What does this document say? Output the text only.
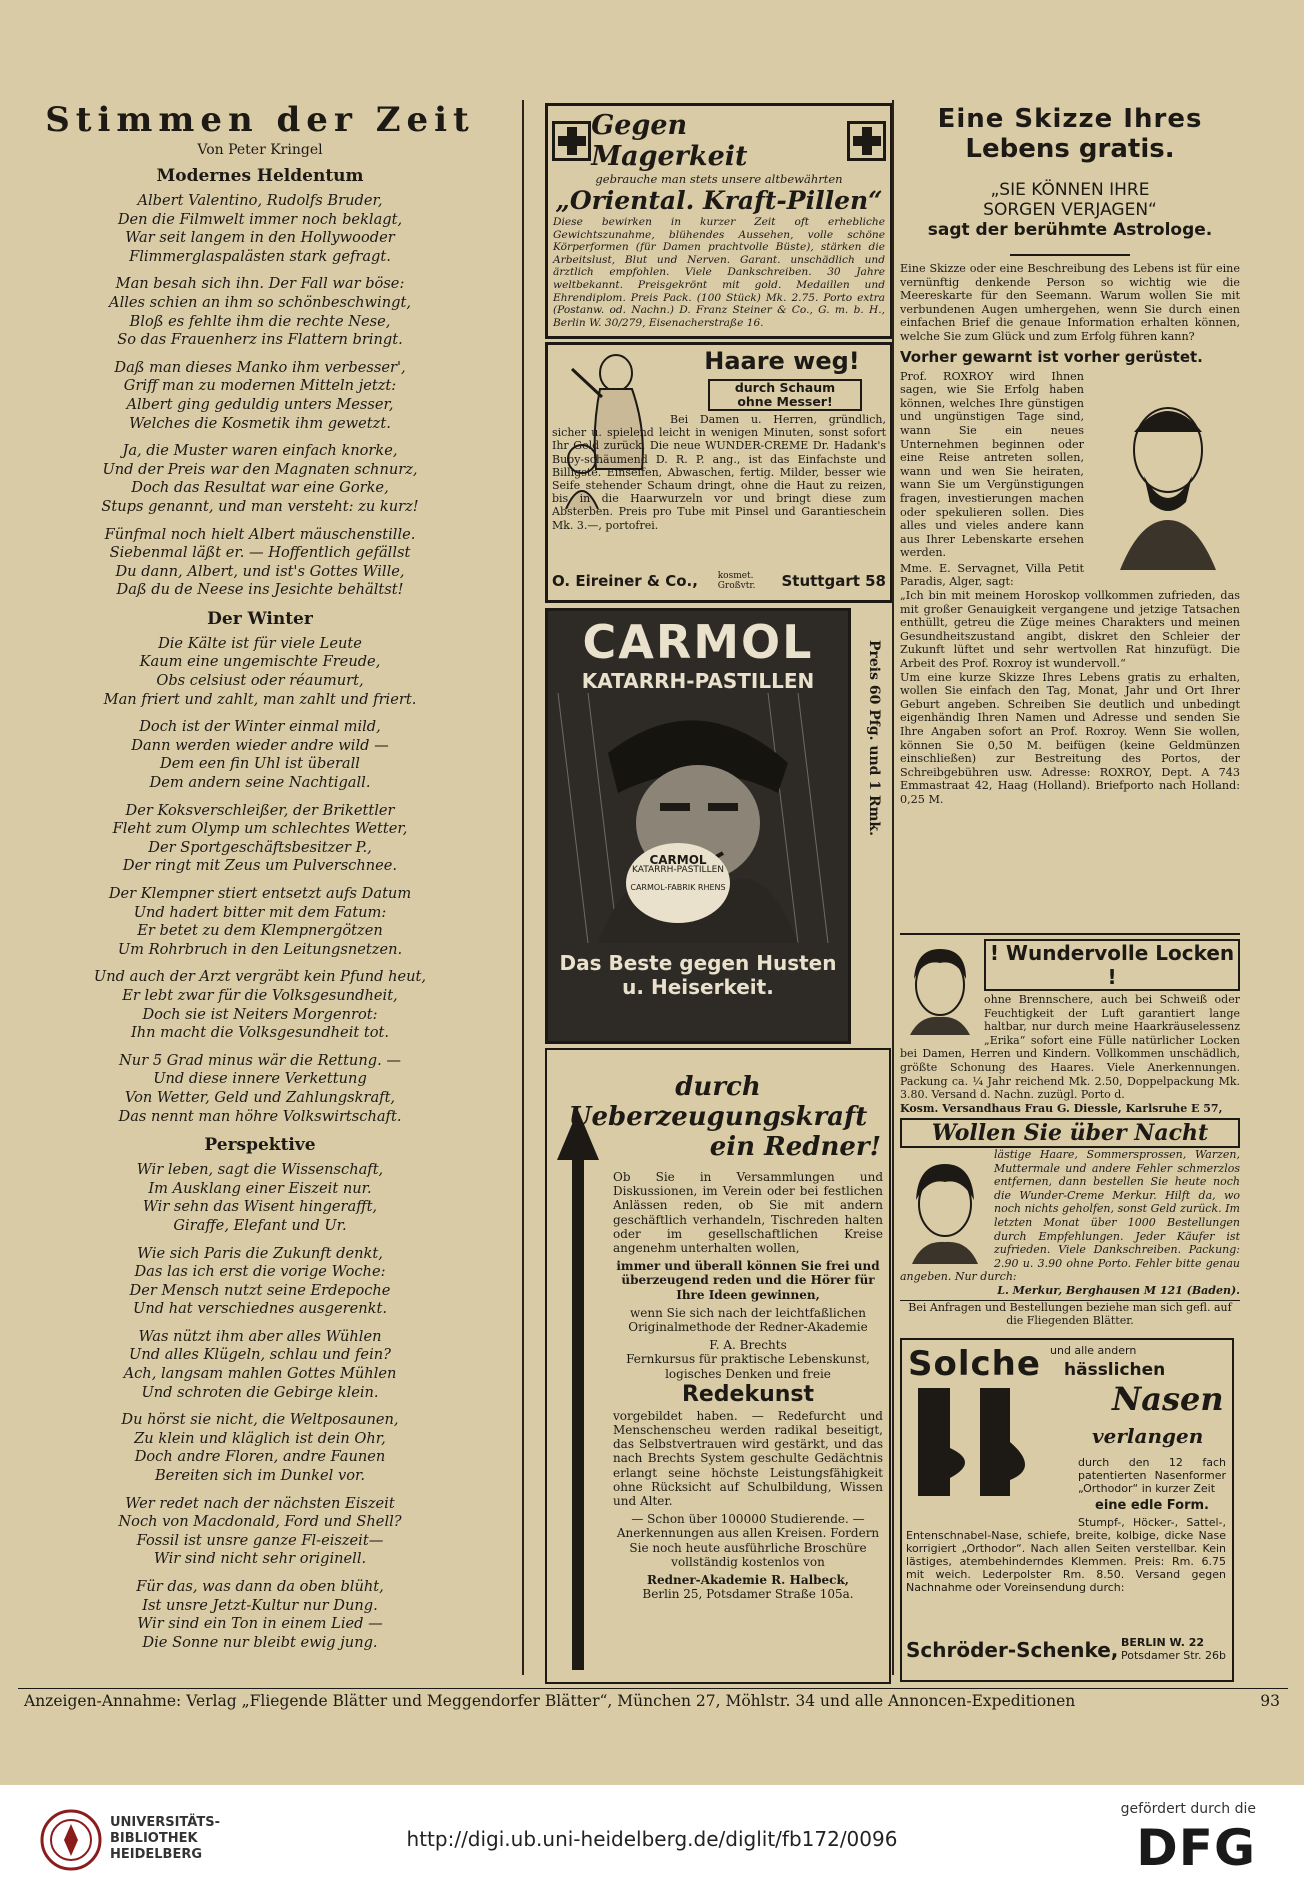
Stimmen der Zeit
Von Peter Kringel
Modernes Heldentum
Albert Valentino, Rudolfs Bruder,
Den die Filmwelt immer noch beklagt,
War seit langem in den Hollywooder
Flimmerglaspalästen stark gefragt.
Man besah sich ihn. Der Fall war böse:
Alles schien an ihm so schönbeschwingt,
Bloß es fehlte ihm die rechte Nese,
So das Frauenherz ins Flattern bringt.
Daß man dieses Manko ihm verbesser',
Griff man zu modernen Mitteln jetzt:
Albert ging geduldig unters Messer,
Welches die Kosmetik ihm gewetzt.
Ja, die Muster waren einfach knorke,
Und der Preis war den Magnaten schnurz,
Doch das Resultat war eine Gorke,
Stups genannt, und man versteht: zu kurz!
Fünfmal noch hielt Albert mäuschenstille.
Siebenmal läßt er. — Hoffentlich gefällst
Du dann, Albert, und ist's Gottes Wille,
Daß du de Neese ins Jesichte behältst!
Der Winter
Die Kälte ist für viele Leute
Kaum eine ungemischte Freude,
Obs celsiust oder réaumurt,
Man friert und zahlt, man zahlt und friert.
Doch ist der Winter einmal mild,
Dann werden wieder andre wild —
Dem een fin Uhl ist überall
Dem andern seine Nachtigall.
Der Koksverschleißer, der Brikettler
Fleht zum Olymp um schlechtes Wetter,
Der Sportgeschäftsbesitzer P.,
Der ringt mit Zeus um Pulverschnee.
Der Klempner stiert entsetzt aufs Datum
Und hadert bitter mit dem Fatum:
Er betet zu dem Klempnergötzen
Um Rohrbruch in den Leitungsnetzen.
Und auch der Arzt vergräbt kein Pfund heut,
Er lebt zwar für die Volksgesundheit,
Doch sie ist Neiters Morgenrot:
Ihn macht die Volksgesundheit tot.
Nur 5 Grad minus wär die Rettung. —
Und diese innere Verkettung
Von Wetter, Geld und Zahlungskraft,
Das nennt man höhre Volkswirtschaft.
Perspektive
Wir leben, sagt die Wissenschaft,
Im Ausklang einer Eiszeit nur.
Wir sehn das Wisent hingerafft,
Giraffe, Elefant und Ur.
Wie sich Paris die Zukunft denkt,
Das las ich erst die vorige Woche:
Der Mensch nutzt seine Erdepoche
Und hat verschiednes ausgerenkt.
Was nützt ihm aber alles Wühlen
Und alles Klügeln, schlau und fein?
Ach, langsam mahlen Gottes Mühlen
Und schroten die Gebirge klein.
Du hörst sie nicht, die Weltposaunen,
Zu klein und kläglich ist dein Ohr,
Doch andre Floren, andre Faunen
Bereiten sich im Dunkel vor.
Wer redet nach der nächsten Eiszeit
Noch von Macdonald, Ford und Shell?
Fossil ist unsre ganze Fl-eiszeit—
Wir sind nicht sehr originell.
Für das, was dann da oben blüht,
Ist unsre Jetzt-Kultur nur Dung.
Wir sind ein Ton in einem Lied —
Die Sonne nur bleibt ewig jung.
Gegen Magerkeit
gebrauche man stets unsere altbewährten
„Oriental. Kraft-Pillen“
Diese bewirken in kurzer Zeit oft erhebliche Gewichtszunahme, blühendes Aussehen, volle schöne Körperformen (für Damen prachtvolle Büste), stärken die Arbeitslust, Blut und Nerven. Garant. unschädlich und ärztlich empfohlen. Viele Dankschreiben. 30 Jahre weltbekannt. Preisgekrönt mit gold. Medaillen und Ehrendiplom. Preis Pack. (100 Stück) Mk. 2.75. Porto extra (Postanw. od. Nachn.) D. Franz Steiner & Co., G. m. b. H., Berlin W. 30/279, Eisenacherstraße 16.
Haare weg!
durch Schaum
ohne Messer!
Bei Damen u. Herren, gründlich, sicher u. spielend leicht in wenigen Minuten, sonst sofort Ihr Geld zurück. Die neue WUNDER-CREME Dr. Hadank's Buby-schäumend D. R. P. ang., ist das Einfachste und Billigste. Einseifen, Abwaschen, fertig. Milder, besser wie Seife stehender Schaum dringt, ohne die Haut zu reizen, bis in die Haarwurzeln vor und bringt diese zum Absterben. Preis pro Tube mit Pinsel und Garantieschein Mk. 3.—, portofrei.
O. Eireiner & Co., kosmet. Großvtr.	Stuttgart 58
CARMOL
KATARRH-PASTILLEN
CARMOL
KATARRH-PASTILLEN
CARMOL-FABRIK RHENS
Das Beste gegen Husten
u. Heiserkeit.
Preis 60 Pfg. und 1 Rmk.
durch Ueberzeugungskraft
ein Redner!
Ob Sie in Versammlungen und Diskussionen, im Verein oder bei festlichen Anlässen reden, ob Sie mit andern geschäftlich verhandeln, Tischreden halten oder im gesellschaftlichen Kreise angenehm unterhalten wollen,
immer und überall können Sie frei und überzeugend reden und die Hörer für Ihre Ideen gewinnen,
wenn Sie sich nach der leichtfaßlichen Originalmethode der Redner-Akademie
F. A. Brechts
Fernkursus für praktische Lebenskunst, logisches Denken und freie
Redekunst
vorgebildet haben. — Redefurcht und Menschenscheu werden radikal beseitigt, das Selbstvertrauen wird gestärkt, und das nach Brechts System geschulte Gedächtnis erlangt seine höchste Leistungsfähigkeit ohne Rücksicht auf Schulbildung, Wissen und Alter.
— Schon über 100000 Studierende. — Anerkennungen aus allen Kreisen. Fordern Sie noch heute ausführliche Broschüre vollständig kostenlos von
Redner-Akademie R. Halbeck,
Berlin 25, Potsdamer Straße 105a.
Eine Skizze Ihres
Lebens gratis.
„SIE KÖNNEN IHRE
SORGEN VERJAGEN“
sagt der berühmte Astrologe.
Eine Skizze oder eine Beschreibung des Lebens ist für eine vernünftig denkende Person so wichtig wie die Meereskarte für den Seemann. Warum wollen Sie mit verbundenen Augen umhergehen, wenn Sie durch einen einfachen Brief die genaue Information erhalten können, welche Sie zum Glück und zum Erfolg führen kann?
Vorher gewarnt ist vorher gerüstet.
Prof. ROXROY wird Ihnen sagen, wie Sie Erfolg haben können, welches Ihre günstigen und ungünstigen Tage sind, wann Sie ein neues Unternehmen beginnen oder eine Reise antreten sollen, wann und wen Sie heiraten, wann Sie um Vergünstigungen fragen, investierungen machen oder spekulieren sollen. Dies alles und vieles andere kann aus Ihrer Lebenskarte ersehen werden.
Mme. E. Servagnet, Villa Petit Paradis, Alger, sagt:
„Ich bin mit meinem Horoskop vollkommen zufrieden, das mit großer Genauigkeit vergangene und jetzige Tatsachen enthüllt, getreu die Züge meines Charakters und meinen Gesundheitszustand angibt, diskret den Schleier der Zukunft lüftet und sehr wertvollen Rat hinzufügt. Die Arbeit des Prof. Roxroy ist wundervoll.“
Um eine kurze Skizze Ihres Lebens gratis zu erhalten, wollen Sie einfach den Tag, Monat, Jahr und Ort Ihrer Geburt angeben. Schreiben Sie deutlich und unbedingt eigenhändig Ihren Namen und Adresse und senden Sie Ihre Angaben sofort an Prof. Roxroy. Wenn Sie wollen, können Sie 0,50 M. beifügen (keine Geldmünzen einschließen) zur Bestreitung des Portos, der Schreibgebühren usw. Adresse: ROXROY, Dept. A 743 Emmastraat 42, Haag (Holland). Briefporto nach Holland: 0,25 M.
! Wundervolle Locken !
ohne Brennschere, auch bei Schweiß oder Feuchtigkeit der Luft garantiert lange haltbar, nur durch meine Haarkräuselessenz „Erika“ sofort eine Fülle natürlicher Locken bei Damen, Herren und Kindern. Vollkommen unschädlich, größte Schonung des Haares. Viele Anerkennungen. Packung ca. ¼ Jahr reichend Mk. 2.50, Doppelpackung Mk. 3.80. Versand d. Nachn. zuzügl. Porto d.
Kosm. Versandhaus Frau G. Diessle, Karlsruhe E 57,
Wollen Sie über Nacht
lästige Haare, Sommersprossen, Warzen, Muttermale und andere Fehler schmerzlos entfernen, dann bestellen Sie heute noch die Wunder-Creme Merkur. Hilft da, wo noch nichts geholfen, sonst Geld zurück. Im letzten Monat über 1000 Bestellungen durch Empfehlungen. Jeder Käufer ist zufrieden. Viele Dankschreiben. Packung: 2.90 u. 3.90 ohne Porto. Fehler bitte genau angeben. Nur durch:
L. Merkur, Berghausen M 121 (Baden).
Bei Anfragen und Bestellungen beziehe man sich gefl. auf die Fliegenden Blätter.
Solche und alle andern
hässlichen
Nasen
verlangen
durch den 12 fach patentierten Nasenformer „Orthodor“ in kurzer Zeit
eine edle Form.
Stumpf-, Höcker-, Sattel-, Entenschnabel-Nase, schiefe, breite, kolbige, dicke Nase korrigiert „Orthodor“. Nach allen Seiten verstellbar. Kein lästiges, atembehinderndes Klemmen. Preis: Rm. 6.75 mit weich. Lederpolster Rm. 8.50. Versand gegen Nachnahme oder Voreinsendung durch:
Schröder-Schenke, BERLIN W. 22
Potsdamer Str. 26b
Anzeigen-Annahme: Verlag „Fliegende Blätter und Meggendorfer Blätter“, München 27, Möhlstr. 34 und alle Annoncen-Expeditionen	93
UNIVERSITÄTS-
BIBLIOTHEK
HEIDELBERG
http://digi.ub.uni-heidelberg.de/diglit/fb172/0096
gefördert durch die
DFG
